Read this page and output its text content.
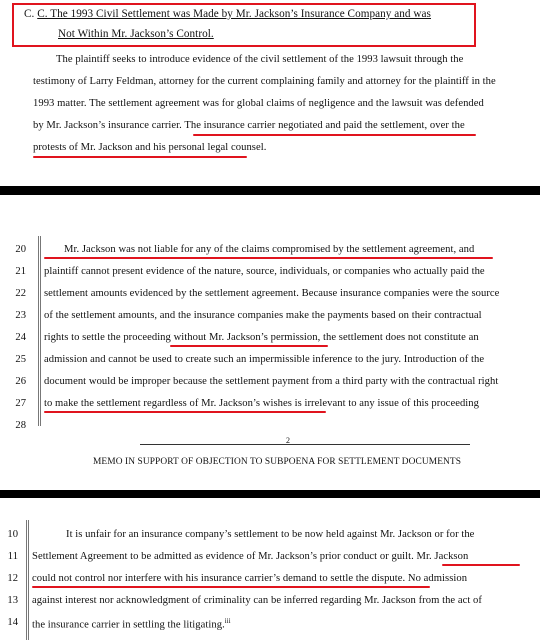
C. C. The 1993 Civil Settlement was Made by Mr. Jackson’s Insurance Company and was
Not Within Mr. Jackson’s Control.
The plaintiff seeks to introduce evidence of the civil settlement of the 1993 lawsuit through the
testimony of Larry Feldman, attorney for the current complaining family and attorney for the plaintiff in the
1993 matter. The settlement agreement was for global claims of negligence and the lawsuit was defended
by Mr. Jackson’s insurance carrier. The insurance carrier negotiated and paid the settlement, over the
protests of Mr. Jackson and his personal legal counsel.
20	Mr. Jackson was not liable for any of the claims compromised by the settlement agreement, and
21 plaintiff cannot present evidence of the nature, source, individuals, or companies who actually paid the
22 settlement amounts evidenced by the settlement agreement. Because insurance companies were the source
23 of the settlement amounts, and the insurance companies make the payments based on their contractual
24 rights to settle the proceeding without Mr. Jackson’s permission, the settlement does not constitute an
25 admission and cannot be used to create such an impermissible inference to the jury. Introduction of the
26 document would be improper because the settlement payment from a third party with the contractual right
27 to make the settlement regardless of Mr. Jackson’s wishes is irrelevant to any issue of this proceeding
28
2
MEMO IN SUPPORT OF OBJECTION TO SUBPOENA FOR SETTLEMENT DOCUMENTS
10	It is unfair for an insurance company’s settlement to be now held against Mr. Jackson or for the
11 Settlement Agreement to be admitted as evidence of Mr. Jackson’s prior conduct or guilt. Mr. Jackson
12 could not control nor interfere with his insurance carrier’s demand to settle the dispute. No admission
13 against interest nor acknowledgment of criminality can be inferred regarding Mr. Jackson from the act of
14 the insurance carrier in settling the litigating.$^{iii}$
